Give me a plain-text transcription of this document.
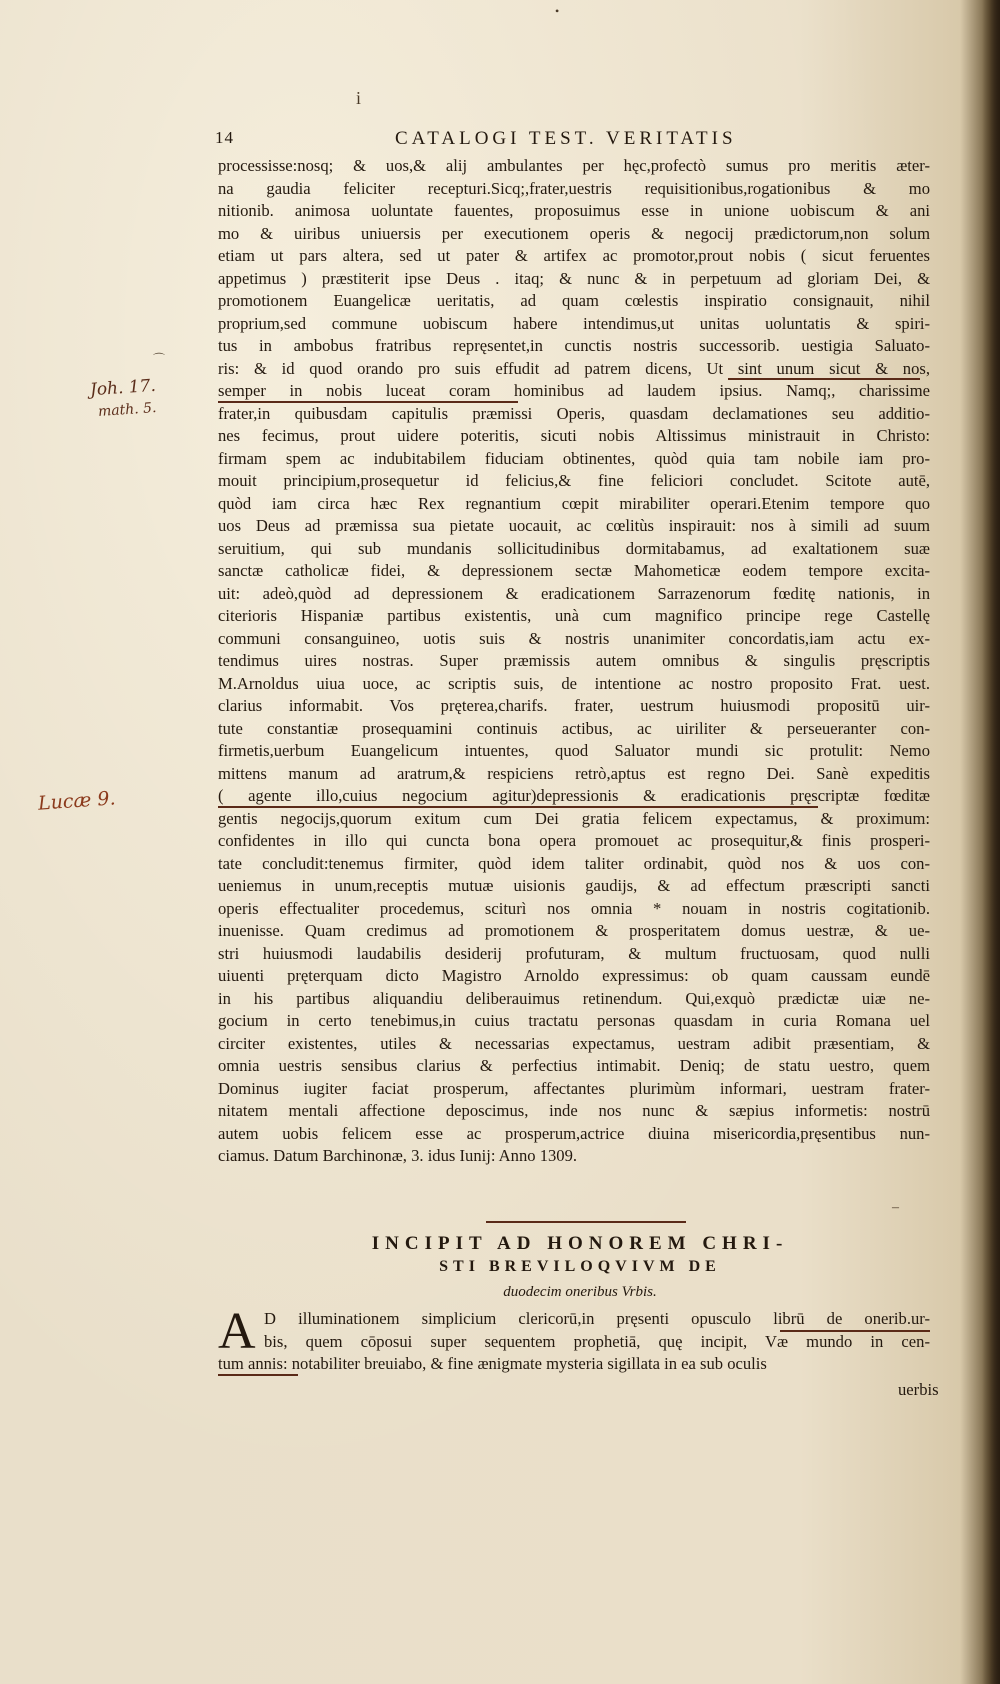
i
•
⌒
–
14	CATALOGI TEST. VERITATIS
Joh. 17.
math. 5.
Lucæ 9.
processisse:nosq; & uos,& alij ambulantes per hęc,profectò sumus pro meritis æter-
na gaudia feliciter recepturi.Sicq;,frater,uestris requisitionibus,rogationibus & mo
nitionib. animosa uoluntate fauentes, proposuimus esse in unione uobiscum & ani
mo & uiribus uniuersis per executionem operis & negocij prædictorum,non solum
etiam ut pars altera, sed ut pater & artifex ac promotor,prout nobis ( sicut feruentes
appetimus ) præstiterit ipse Deus . itaq; & nunc & in perpetuum ad gloriam Dei, &
promotionem Euangelicæ ueritatis, ad quam cœlestis inspiratio consignauit, nihil
proprium,sed commune uobiscum habere intendimus,ut unitas uoluntatis & spiri-
tus in ambobus fratribus repręsentet,in cunctis nostris successorib. uestigia Saluato-
ris: & id quod orando pro suis effudit ad patrem dicens, Ut sint unum sicut & nos,
semper in nobis luceat coram hominibus ad laudem ipsius. Namq;, charissime
frater,in quibusdam capitulis præmissi Operis, quasdam declamationes seu additio-
nes fecimus, prout uidere poteritis, sicuti nobis Altissimus ministrauit in Christo:
firmam spem ac indubitabilem fiduciam obtinentes, quòd quia tam nobile iam pro-
mouit principium,prosequetur id felicius,& fine feliciori concludet. Scitote autē,
quòd iam circa hæc Rex regnantium cœpit mirabiliter operari.Etenim tempore quo
uos Deus ad præmissa sua pietate uocauit, ac cœlitùs inspirauit: nos à simili ad suum
seruitium, qui sub mundanis sollicitudinibus dormitabamus, ad exaltationem suæ
sanctæ catholicæ fidei, & depressionem sectæ Mahometicæ eodem tempore excita-
uit: adeò,quòd ad depressionem & eradicationem Sarrazenorum fœditę nationis, in
citerioris Hispaniæ partibus existentis, unà cum magnifico principe rege Castellę
communi consanguineo, uotis suis & nostris unanimiter concordatis,iam actu ex-
tendimus uires nostras. Super præmissis autem omnibus & singulis pręscriptis
M.Arnoldus uiua uoce, ac scriptis suis, de intentione ac nostro proposito Frat. uest.
clarius informabit. Vos pręterea,charifs. frater, uestrum huiusmodi propositū uir-
tute constantiæ prosequamini continuis actibus, ac uiriliter & perseueranter con-
firmetis,uerbum Euangelicum intuentes, quod Saluator mundi sic protulit: Nemo
mittens manum ad aratrum,& respiciens retrò,aptus est regno Dei. Sanè expeditis
( agente illo,cuius negocium agitur)depressionis & eradicationis pręscriptæ fœditæ
gentis negocijs,quorum exitum cum Dei gratia felicem expectamus, & proximum:
confidentes in illo qui cuncta bona opera promouet ac prosequitur,& finis prosperi-
tate concludit:tenemus firmiter, quòd idem taliter ordinabit, quòd nos & uos con-
ueniemus in unum,receptis mutuæ uisionis gaudijs, & ad effectum præscripti sancti
operis effectualiter procedemus, sciturì nos omnia * nouam in nostris cogitationib.
inuenisse. Quam credimus ad promotionem & prosperitatem domus uestræ, & ue-
stri huiusmodi laudabilis desiderij profuturam, & multum fructuosam, quod nulli
uiuenti pręterquam dicto Magistro Arnoldo expressimus: ob quam caussam eundē
in his partibus aliquandiu deliberauimus retinendum. Qui,exquò prædictæ uiæ ne-
gocium in certo tenebimus,in cuius tractatu personas quasdam in curia Romana uel
circiter existentes, utiles & necessarias expectamus, uestram adibit præsentiam, &
omnia uestris sensibus clarius & perfectius intimabit. Deniq; de statu uestro, quem
Dominus iugiter faciat prosperum, affectantes plurimùm informari, uestram frater-
nitatem mentali affectione deposcimus, inde nos nunc & sæpius informetis: nostrū
autem uobis felicem esse ac prosperum,actrice diuina misericordia,pręsentibus nun-
ciamus. Datum Barchinonæ, 3. idus Iunij: Anno 1309.
INCIPIT AD HONOREM CHRI-
STI BREVILOQVIVM DE
duodecim oneribus Vrbis.
A D illuminationem simplicium clericorū,in pręsenti opusculo librū de onerib.ur-
bis, quem cōposui super sequentem prophetiā, quę incipit, Væ mundo in cen-
tum annis: notabiliter breuiabo, & fine ænigmate mysteria sigillata in ea sub oculis
uerbis
